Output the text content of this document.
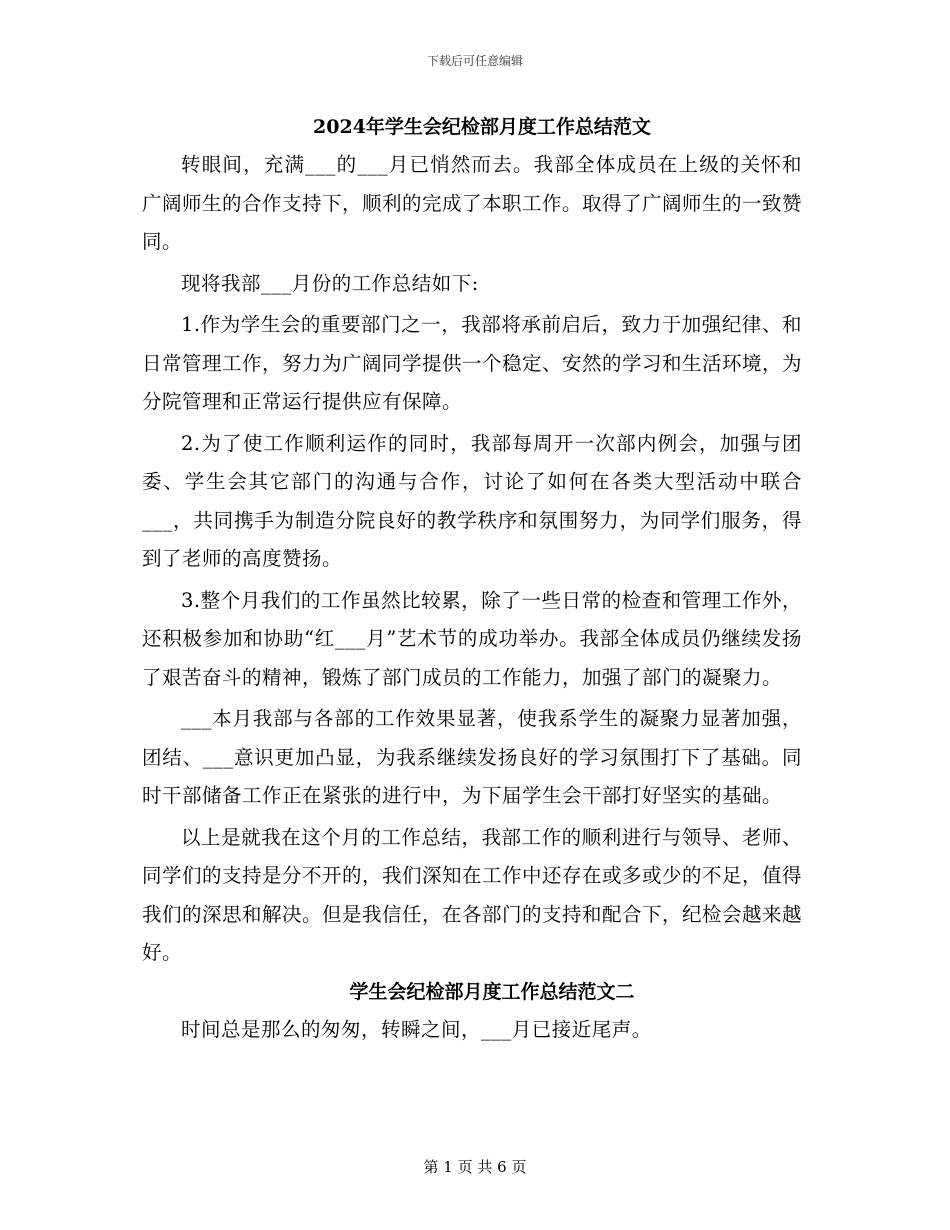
下载后可任意编辑
2024年学生会纪检部月度工作总结范文

转眼间，充满___的___月已悄然而去。我部全体成员在上级的关怀和广阔师生的合作支持下，顺利的完成了本职工作。取得了广阔师生的一致赞同。

现将我部___月份的工作总结如下:

1.作为学生会的重要部门之一，我部将承前启后，致力于加强纪律、和日常管理工作，努力为广阔同学提供一个稳定、安然的学习和生活环境，为分院管理和正常运行提供应有保障。

2.为了使工作顺利运作的同时，我部每周开一次部内例会，加强与团委、学生会其它部门的沟通与合作，讨论了如何在各类大型活动中联合___，共同携手为制造分院良好的教学秩序和氛围努力，为同学们服务，得到了老师的高度赞扬。

3.整个月我们的工作虽然比较累，除了一些日常的检查和管理工作外，还积极参加和协助“红___月”艺术节的成功举办。我部全体成员仍继续发扬了艰苦奋斗的精神，锻炼了部门成员的工作能力，加强了部门的凝聚力。

___本月我部与各部的工作效果显著，使我系学生的凝聚力显著加强，团结、___意识更加凸显，为我系继续发扬良好的学习氛围打下了基础。同时干部储备工作正在紧张的进行中，为下届学生会干部打好坚实的基础。

以上是就我在这个月的工作总结，我部工作的顺利进行与领导、老师、同学们的支持是分不开的，我们深知在工作中还存在或多或少的不足，值得我们的深思和解决。但是我信任，在各部门的支持和配合下，纪检会越来越好。

学生会纪检部月度工作总结范文二

时间总是那么的匆匆，转瞬之间，___月已接近尾声。

第 1 页 共 6 页
